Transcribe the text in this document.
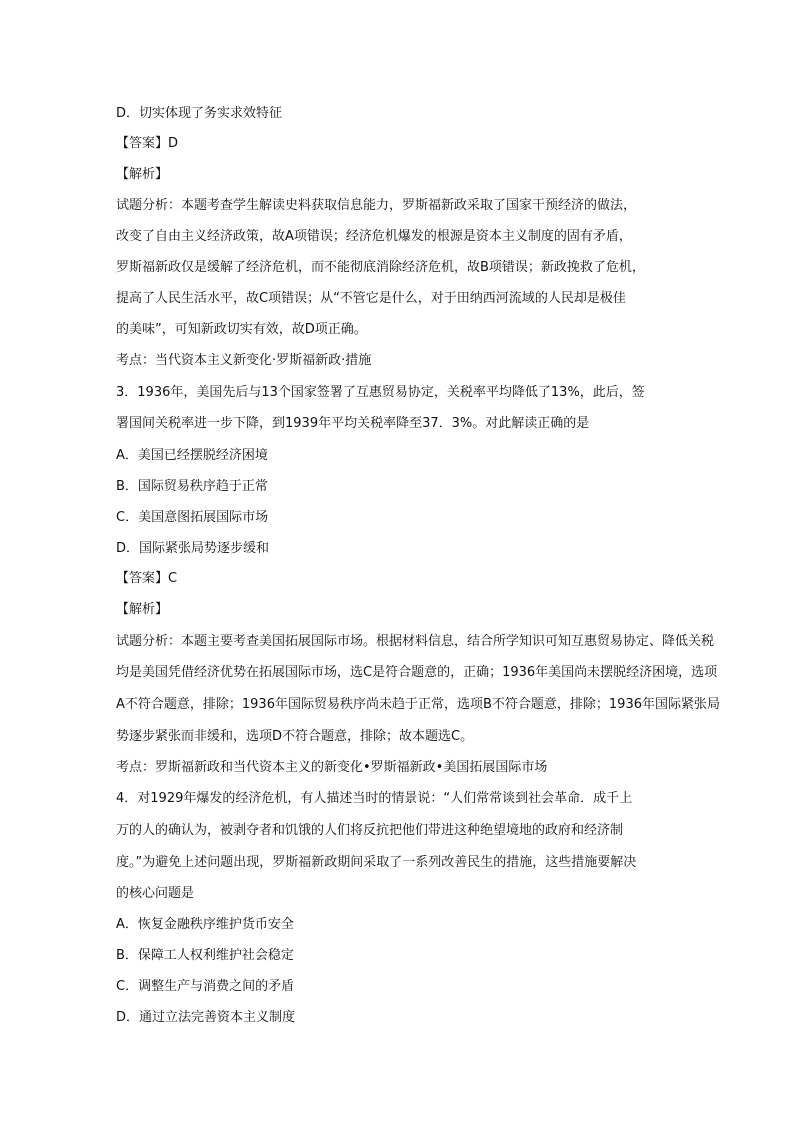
D．切实体现了务实求效特征
【答案】D
【解析】
试题分析：本题考查学生解读史料获取信息能力，罗斯福新政采取了国家干预经济的做法，
改变了自由主义经济政策，故A项错误；经济危机爆发的根源是资本主义制度的固有矛盾，
罗斯福新政仅是缓解了经济危机，而不能彻底消除经济危机，故B项错误；新政挽救了危机，
提高了人民生活水平，故C项错误；从“不管它是什么，对于田纳西河流域的人民却是极佳
的美味”，可知新政切实有效，故D项正确。
考点：当代资本主义新变化·罗斯福新政·措施
3．1936年，美国先后与13个国家签署了互惠贸易协定，关税率平均降低了13%，此后，签
署国间关税率进一步下降，到1939年平均关税率降至37．3%。对此解读正确的是
A．美国已经摆脱经济困境
B．国际贸易秩序趋于正常
C．美国意图拓展国际市场
D．国际紧张局势逐步缓和
【答案】C
【解析】
试题分析：本题主要考查美国拓展国际市场。根据材料信息，结合所学知识可知互惠贸易协定、降低关税
均是美国凭借经济优势在拓展国际市场，选C是符合题意的，正确；1936年美国尚未摆脱经济困境，选项
A不符合题意，排除；1936年国际贸易秩序尚未趋于正常，选项B不符合题意，排除；1936年国际紧张局
势逐步紧张而非缓和，选项D不符合题意，排除；故本题选C。
考点：罗斯福新政和当代资本主义的新变化•罗斯福新政•美国拓展国际市场
4．对1929年爆发的经济危机，有人描述当时的情景说：“人们常常谈到社会革命．成千上
万的人的确认为，被剥夺者和饥饿的人们将反抗把他们带进这种绝望境地的政府和经济制
度。”为避免上述问题出现，罗斯福新政期间采取了一系列改善民生的措施，这些措施要解决
的核心问题是
A．恢复金融秩序维护货币安全
B．保障工人权利维护社会稳定
C．调整生产与消费之间的矛盾
D．通过立法完善资本主义制度
